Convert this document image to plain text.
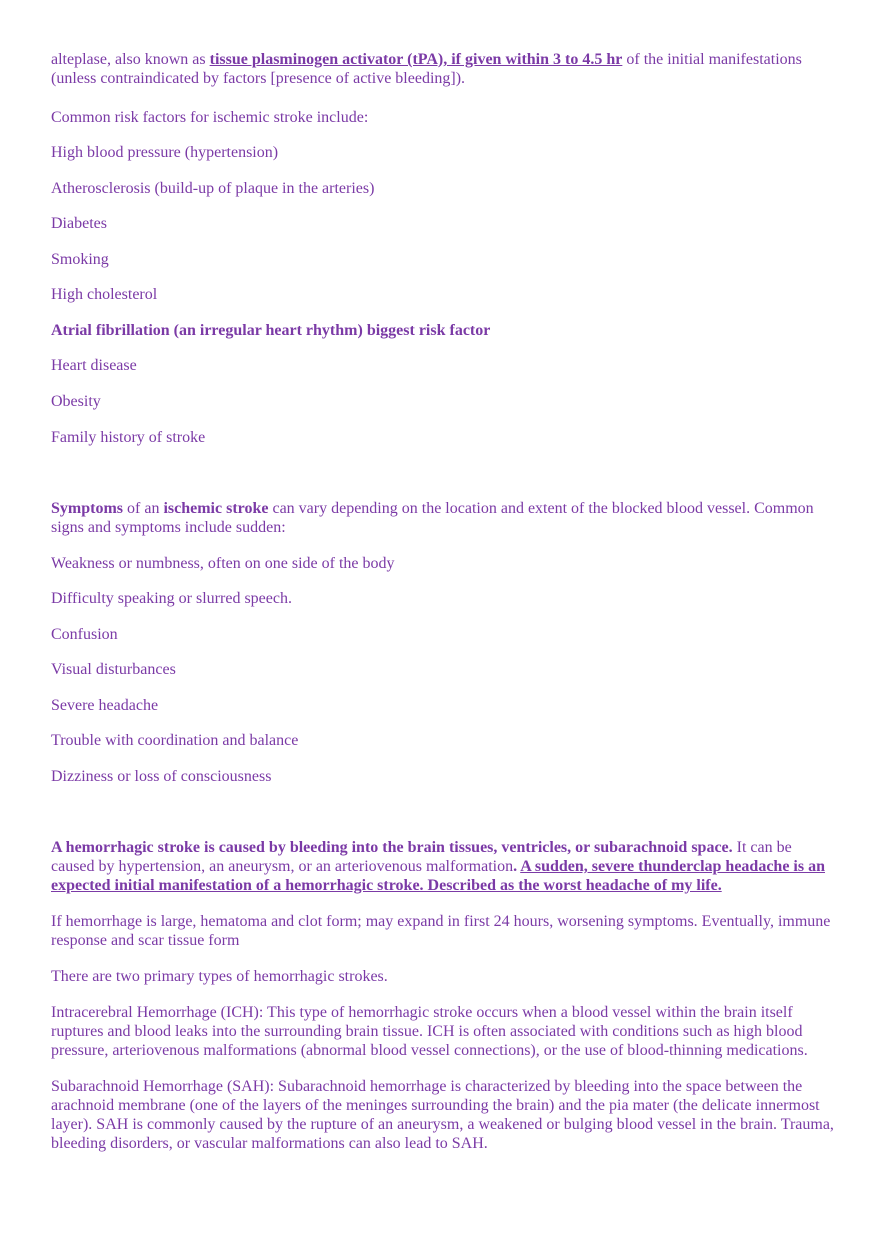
alteplase, also known as tissue plasminogen activator (tPA), if given within 3 to 4.5 hr of the initial manifestations (unless contraindicated by factors [presence of active bleeding]).

Common risk factors for ischemic stroke include:

High blood pressure (hypertension)

Atherosclerosis (build-up of plaque in the arteries)

Diabetes

Smoking

High cholesterol

Atrial fibrillation (an irregular heart rhythm) biggest risk factor

Heart disease

Obesity

Family history of stroke

Symptoms of an ischemic stroke can vary depending on the location and extent of the blocked blood vessel. Common signs and symptoms include sudden:

Weakness or numbness, often on one side of the body

Difficulty speaking or slurred speech.

Confusion

Visual disturbances

Severe headache

Trouble with coordination and balance

Dizziness or loss of consciousness

A hemorrhagic stroke is caused by bleeding into the brain tissues, ventricles, or subarachnoid space. It can be caused by hypertension, an aneurysm, or an arteriovenous malformation. A sudden, severe thunderclap headache is an expected initial manifestation of a hemorrhagic stroke. Described as the worst headache of my life.

If hemorrhage is large, hematoma and clot form; may expand in first 24 hours, worsening symptoms. Eventually, immune response and scar tissue form

There are two primary types of hemorrhagic strokes.

Intracerebral Hemorrhage (ICH): This type of hemorrhagic stroke occurs when a blood vessel within the brain itself ruptures and blood leaks into the surrounding brain tissue. ICH is often associated with conditions such as high blood pressure, arteriovenous malformations (abnormal blood vessel connections), or the use of blood-thinning medications.

Subarachnoid Hemorrhage (SAH): Subarachnoid hemorrhage is characterized by bleeding into the space between the arachnoid membrane (one of the layers of the meninges surrounding the brain) and the pia mater (the delicate innermost layer). SAH is commonly caused by the rupture of an aneurysm, a weakened or bulging blood vessel in the brain. Trauma, bleeding disorders, or vascular malformations can also lead to SAH.
